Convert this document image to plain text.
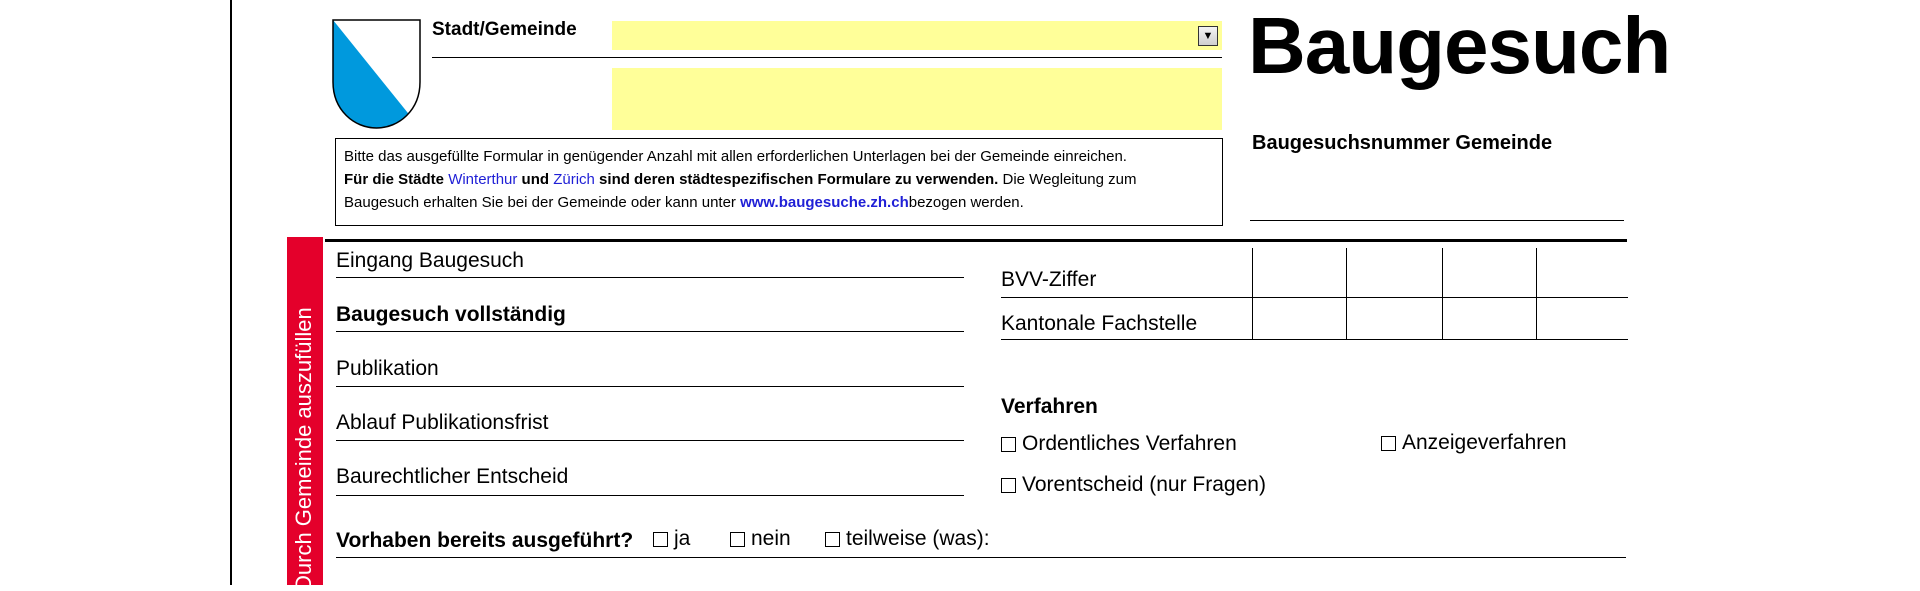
Stadt/Gemeinde	▼ Baugesuch
Baugesuchsnummer Gemeinde
Bitte das ausgefüllte Formular in genügender Anzahl mit allen erforderlichen Unterlagen bei der Gemeinde einreichen.
Für die Städte Winterthur und Zürich sind deren städtespezifischen Formulare zu verwenden. Die Wegleitung zum
Baugesuch erhalten Sie bei der Gemeinde oder kann unter www.baugesuche.zh.chbezogen werden.
Durch Gemeinde auszufüllen
Eingang Baugesuch
Baugesuch vollständig
Publikation
Ablauf Publikationsfrist
Baurechtlicher Entscheid
BVV-Ziffer
Kantonale Fachstelle
Verfahren
Ordentliches Verfahren	Anzeigeverfahren
Vorentscheid (nur Fragen)
Vorhaben bereits ausgeführt?	ja	nein	teilweise (was):
